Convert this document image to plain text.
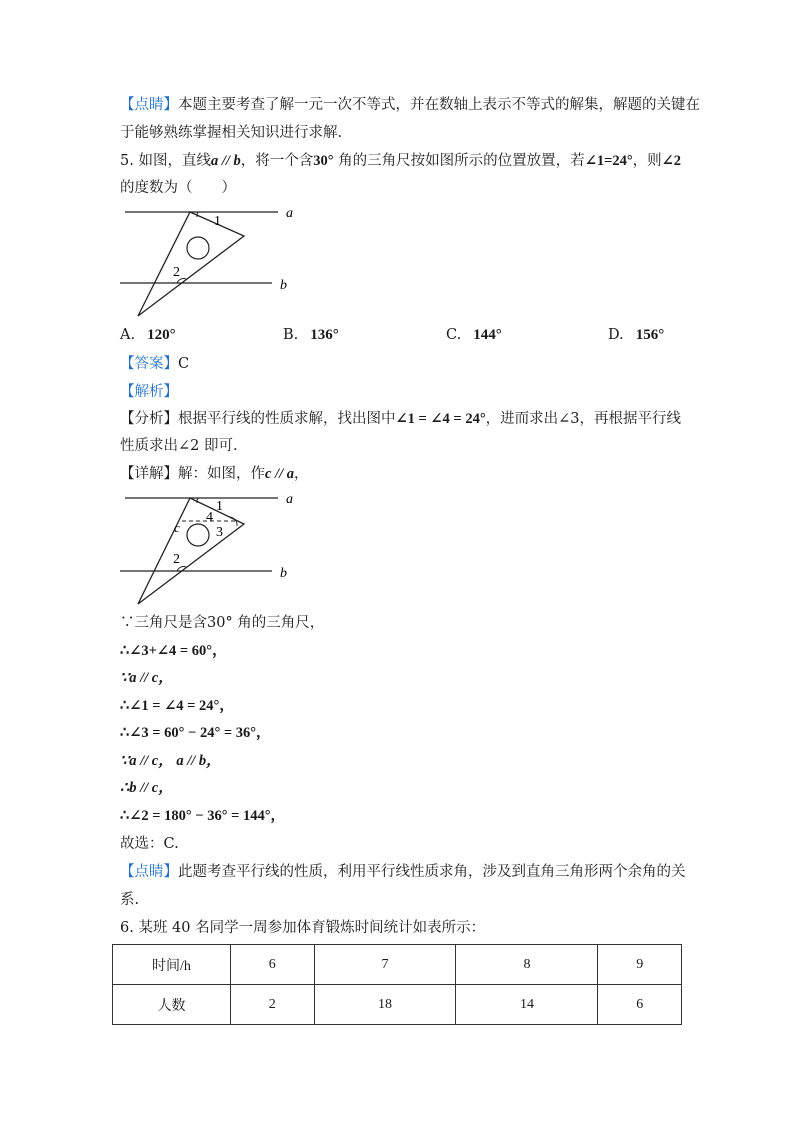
【点睛】本题主要考查了解一元一次不等式，并在数轴上表示不等式的解集，解题的关键在
于能够熟练掌握相关知识进行求解.
5. 如图，直线a // b，将一个含30° 角的三角尺按如图所示的位置放置，若∠1=24°，则∠2
的度数为（　　）
1
2
a
b
A. 120°	B. 136°	C. 144°	D. 156°
【答案】C
【解析】
【分析】根据平行线的性质求解，找出图中∠1 = ∠4 = 24°，进而求出∠3，再根据平行线
性质求出∠2 即可.
【详解】解：如图，作c // a，
1
4
3
2
c
a
b
∵三角尺是含30° 角的三角尺，
∴∠3+∠4 = 60°，
∵a // c，
∴∠1 = ∠4 = 24°，
∴∠3 = 60° − 24° = 36°，
∵a // c， a // b，
∴b // c，
∴∠2 = 180° − 36° = 144°，
故选：C.
【点睛】此题考查平行线的性质，利用平行线性质求角，涉及到直角三角形两个余角的关
系.
6. 某班 40 名同学一周参加体育锻炼时间统计如表所示：
时间/h	6	7	8	9
人数	2	18	14	6
